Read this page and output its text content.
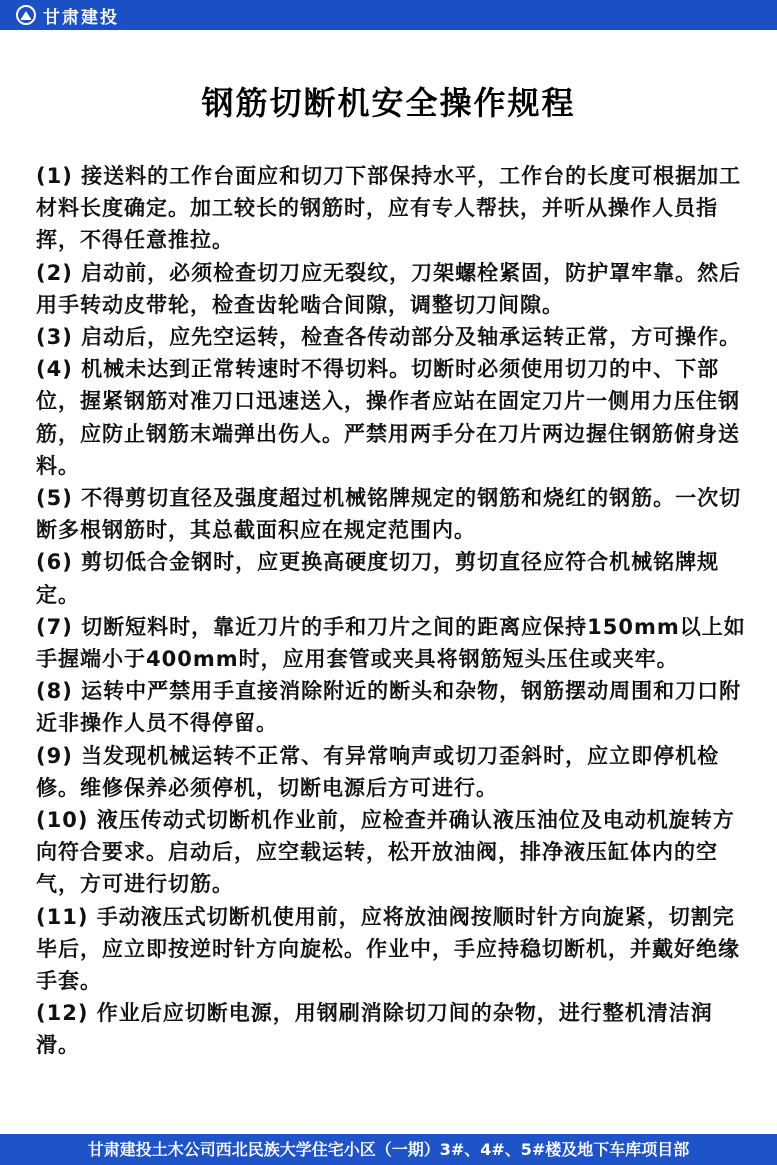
甘肃建投
钢筋切断机安全操作规程
(1) 接送料的工作台面应和切刀下部保持水平，工作台的长度可根据加工材料长度确定。加工较长的钢筋时，应有专人帮扶，并听从操作人员指挥，不得任意推拉。
(2) 启动前，必须检查切刀应无裂纹，刀架螺栓紧固，防护罩牢靠。然后用手转动皮带轮，检查齿轮啮合间隙，调整切刀间隙。
(3) 启动后，应先空运转，检查各传动部分及轴承运转正常，方可操作。
(4) 机械未达到正常转速时不得切料。切断时必须使用切刀的中、下部位，握紧钢筋对准刀口迅速送入，操作者应站在固定刀片一侧用力压住钢筋，应防止钢筋末端弹出伤人。严禁用两手分在刀片两边握住钢筋俯身送料。
(5) 不得剪切直径及强度超过机械铭牌规定的钢筋和烧红的钢筋。一次切断多根钢筋时，其总截面积应在规定范围内。
(6) 剪切低合金钢时，应更换高硬度切刀，剪切直径应符合机械铭牌规定。
(7) 切断短料时，靠近刀片的手和刀片之间的距离应保持150mm以上如手握端小于400mm时，应用套管或夹具将钢筋短头压住或夹牢。
(8) 运转中严禁用手直接消除附近的断头和杂物，钢筋摆动周围和刀口附近非操作人员不得停留。
(9) 当发现机械运转不正常、有异常响声或切刀歪斜时，应立即停机检修。维修保养必须停机，切断电源后方可进行。
(10) 液压传动式切断机作业前，应检查并确认液压油位及电动机旋转方向符合要求。启动后，应空载运转，松开放油阀，排净液压缸体内的空气，方可进行切筋。
(11) 手动液压式切断机使用前，应将放油阀按顺时针方向旋紧，切割完毕后，应立即按逆时针方向旋松。作业中，手应持稳切断机，并戴好绝缘手套。
(12) 作业后应切断电源，用钢刷消除切刀间的杂物，进行整机清洁润滑。
甘肃建投土木公司西北民族大学住宅小区（一期）3#、4#、5#楼及地下车库项目部
